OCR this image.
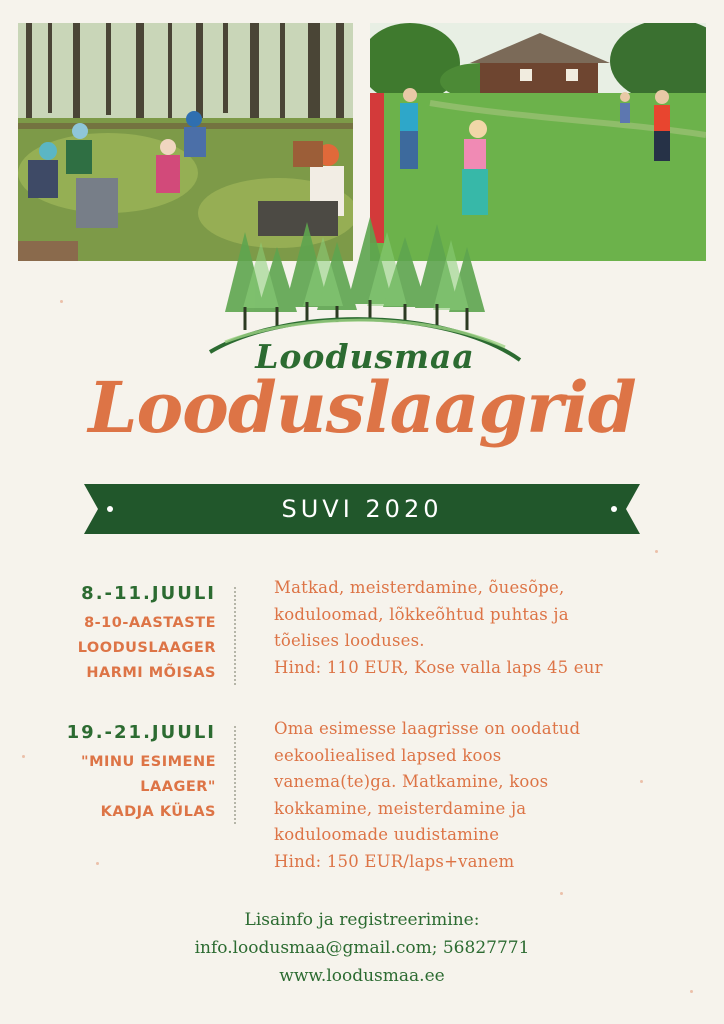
Loodusmaa
Looduslaagrid
SUVI 2020
8.-11.JUULI
8-10-AASTASTE
LOODUSLAAGER
HARMI MÕISAS
Matkad, meisterdamine, õuesõpe,
koduloomad, lõkkeõhtud puhtas ja
tõelises looduses.
Hind: 110 EUR, Kose valla laps 45 eur
19.-21.JUULI
"MINU ESIMENE
LAAGER"
KADJA KÜLAS
Oma esimesse laagrisse on oodatud
eekooliealised lapsed koos
vanema(te)ga. Matkamine, koos
kokkamine, meisterdamine ja
koduloomade uudistamine
Hind: 150 EUR/laps+vanem
Lisainfo ja registreerimine:
info.loodusmaa@gmail.com; 56827771
www.loodusmaa.ee
